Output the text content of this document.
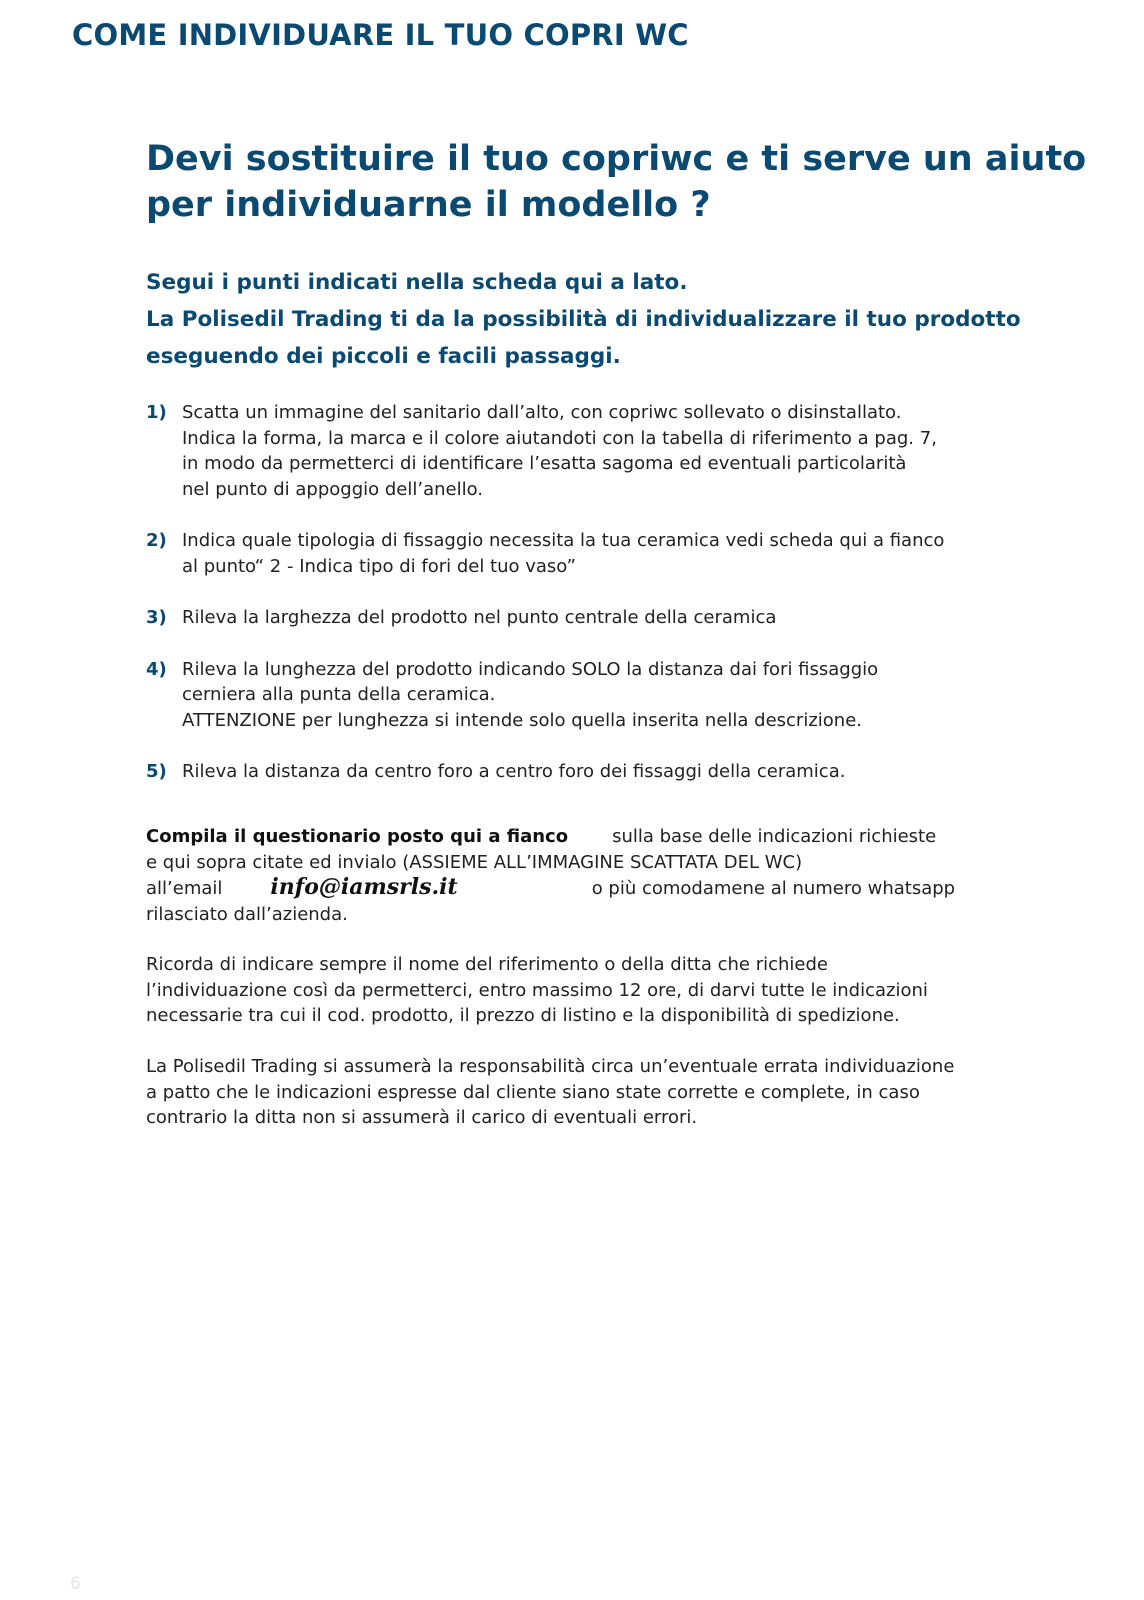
COME INDIVIDUARE IL TUO COPRI WC
Devi sostituire il tuo copriwc e ti serve un aiuto
per individuarne il modello ?

Segui i punti indicati nella scheda qui a lato.

La Polisedil Trading ti da la possibilità di individualizzare il tuo prodotto

eseguendo dei piccoli e facili passaggi.

1) Scatta un immagine del sanitario dall’alto, con copriwc sollevato o disinstallato.
Indica la forma, la marca e il colore aiutandoti con la tabella di riferimento a pag. 7,
in modo da permetterci di identificare l’esatta sagoma ed eventuali particolarità
nel punto di appoggio dell’anello.
2) Indica quale tipologia di fissaggio necessita la tua ceramica vedi scheda qui a fianco
al punto“ 2 - Indica tipo di fori del tuo vaso”
3) Rileva la larghezza del prodotto nel punto centrale della ceramica
4) Rileva la lunghezza del prodotto indicando SOLO la distanza dai fori fissaggio
cerniera alla punta della ceramica.
ATTENZIONE per lunghezza si intende solo quella inserita nella descrizione.
5) Rileva la distanza da centro foro a centro foro dei fissaggi della ceramica.
Compila il questionario posto qui a fianco sulla base delle indicazioni richieste
e qui sopra citate ed invialo (ASSIEME ALL’IMMAGINE SCATTATA DEL WC)
all’email info@iamsrls.it	o più comodamene al numero whatsapp
rilasciato dall’azienda.
Ricorda di indicare sempre il nome del riferimento o della ditta che richiede
l’individuazione così da permetterci, entro massimo 12 ore, di darvi tutte le indicazioni
necessarie tra cui il cod. prodotto, il prezzo di listino e la disponibilità di spedizione.
La Polisedil Trading si assumerà la responsabilità circa un’eventuale errata individuazione
a patto che le indicazioni espresse dal cliente siano state corrette e complete, in caso
contrario la ditta non si assumerà il carico di eventuali errori.
6
